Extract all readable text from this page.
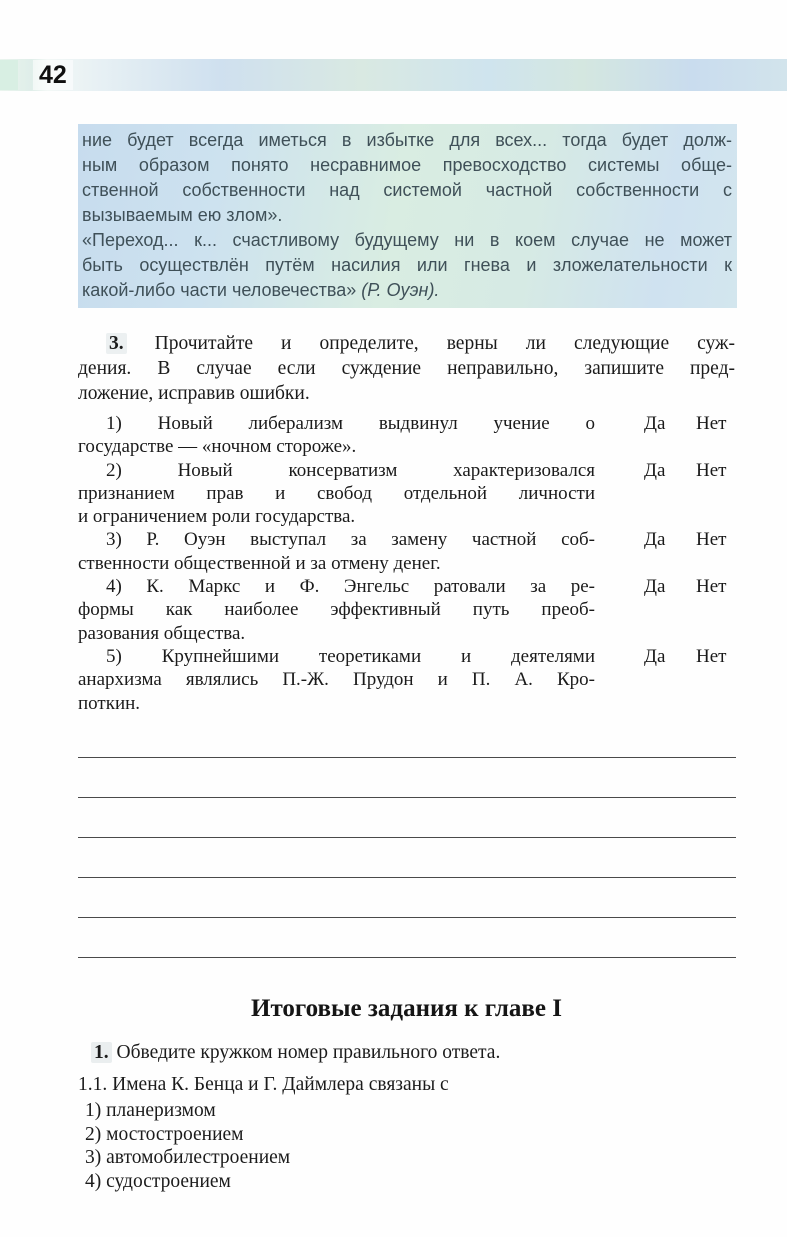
42
ние будет всегда иметься в избытке для всех... тогда будет долж-
ным образом понято несравнимое превосходство системы обще-
ственной собственности над системой частной собственности с
вызываемым ею злом».
«Переход... к... счастливому будущему ни в коем случае не может
быть осуществлён путём насилия или гнева и зложелательности к
какой-либо части человечества» (Р. Оуэн).
3. Прочитайте и определите, верны ли следующие суж-
дения. В случае если суждение неправильно, запишите пред-
ложение, исправив ошибки.
Да Нет
1) Новый либерализм выдвинул учение о
государстве — «ночном стороже».
Да Нет
2) Новый консерватизм характеризовался
признанием прав и свобод отдельной личности
и ограничением роли государства.
Да Нет
3) Р. Оуэн выступал за замену частной соб-
ственности общественной и за отмену денег.
Да Нет
4) К. Маркс и Ф. Энгельс ратовали за ре-
формы как наиболее эффективный путь преоб-
разования общества.
Да Нет
5) Крупнейшими теоретиками и деятелями
анархизма являлись П.-Ж. Прудон и П. А. Кро-
поткин.
Итоговые задания к главе I
1. Обведите кружком номер правильного ответа.
1.1. Имена К. Бенца и Г. Даймлера связаны с
1) планеризмом
2) мостостроением
3) автомобилестроением
4) судостроением
